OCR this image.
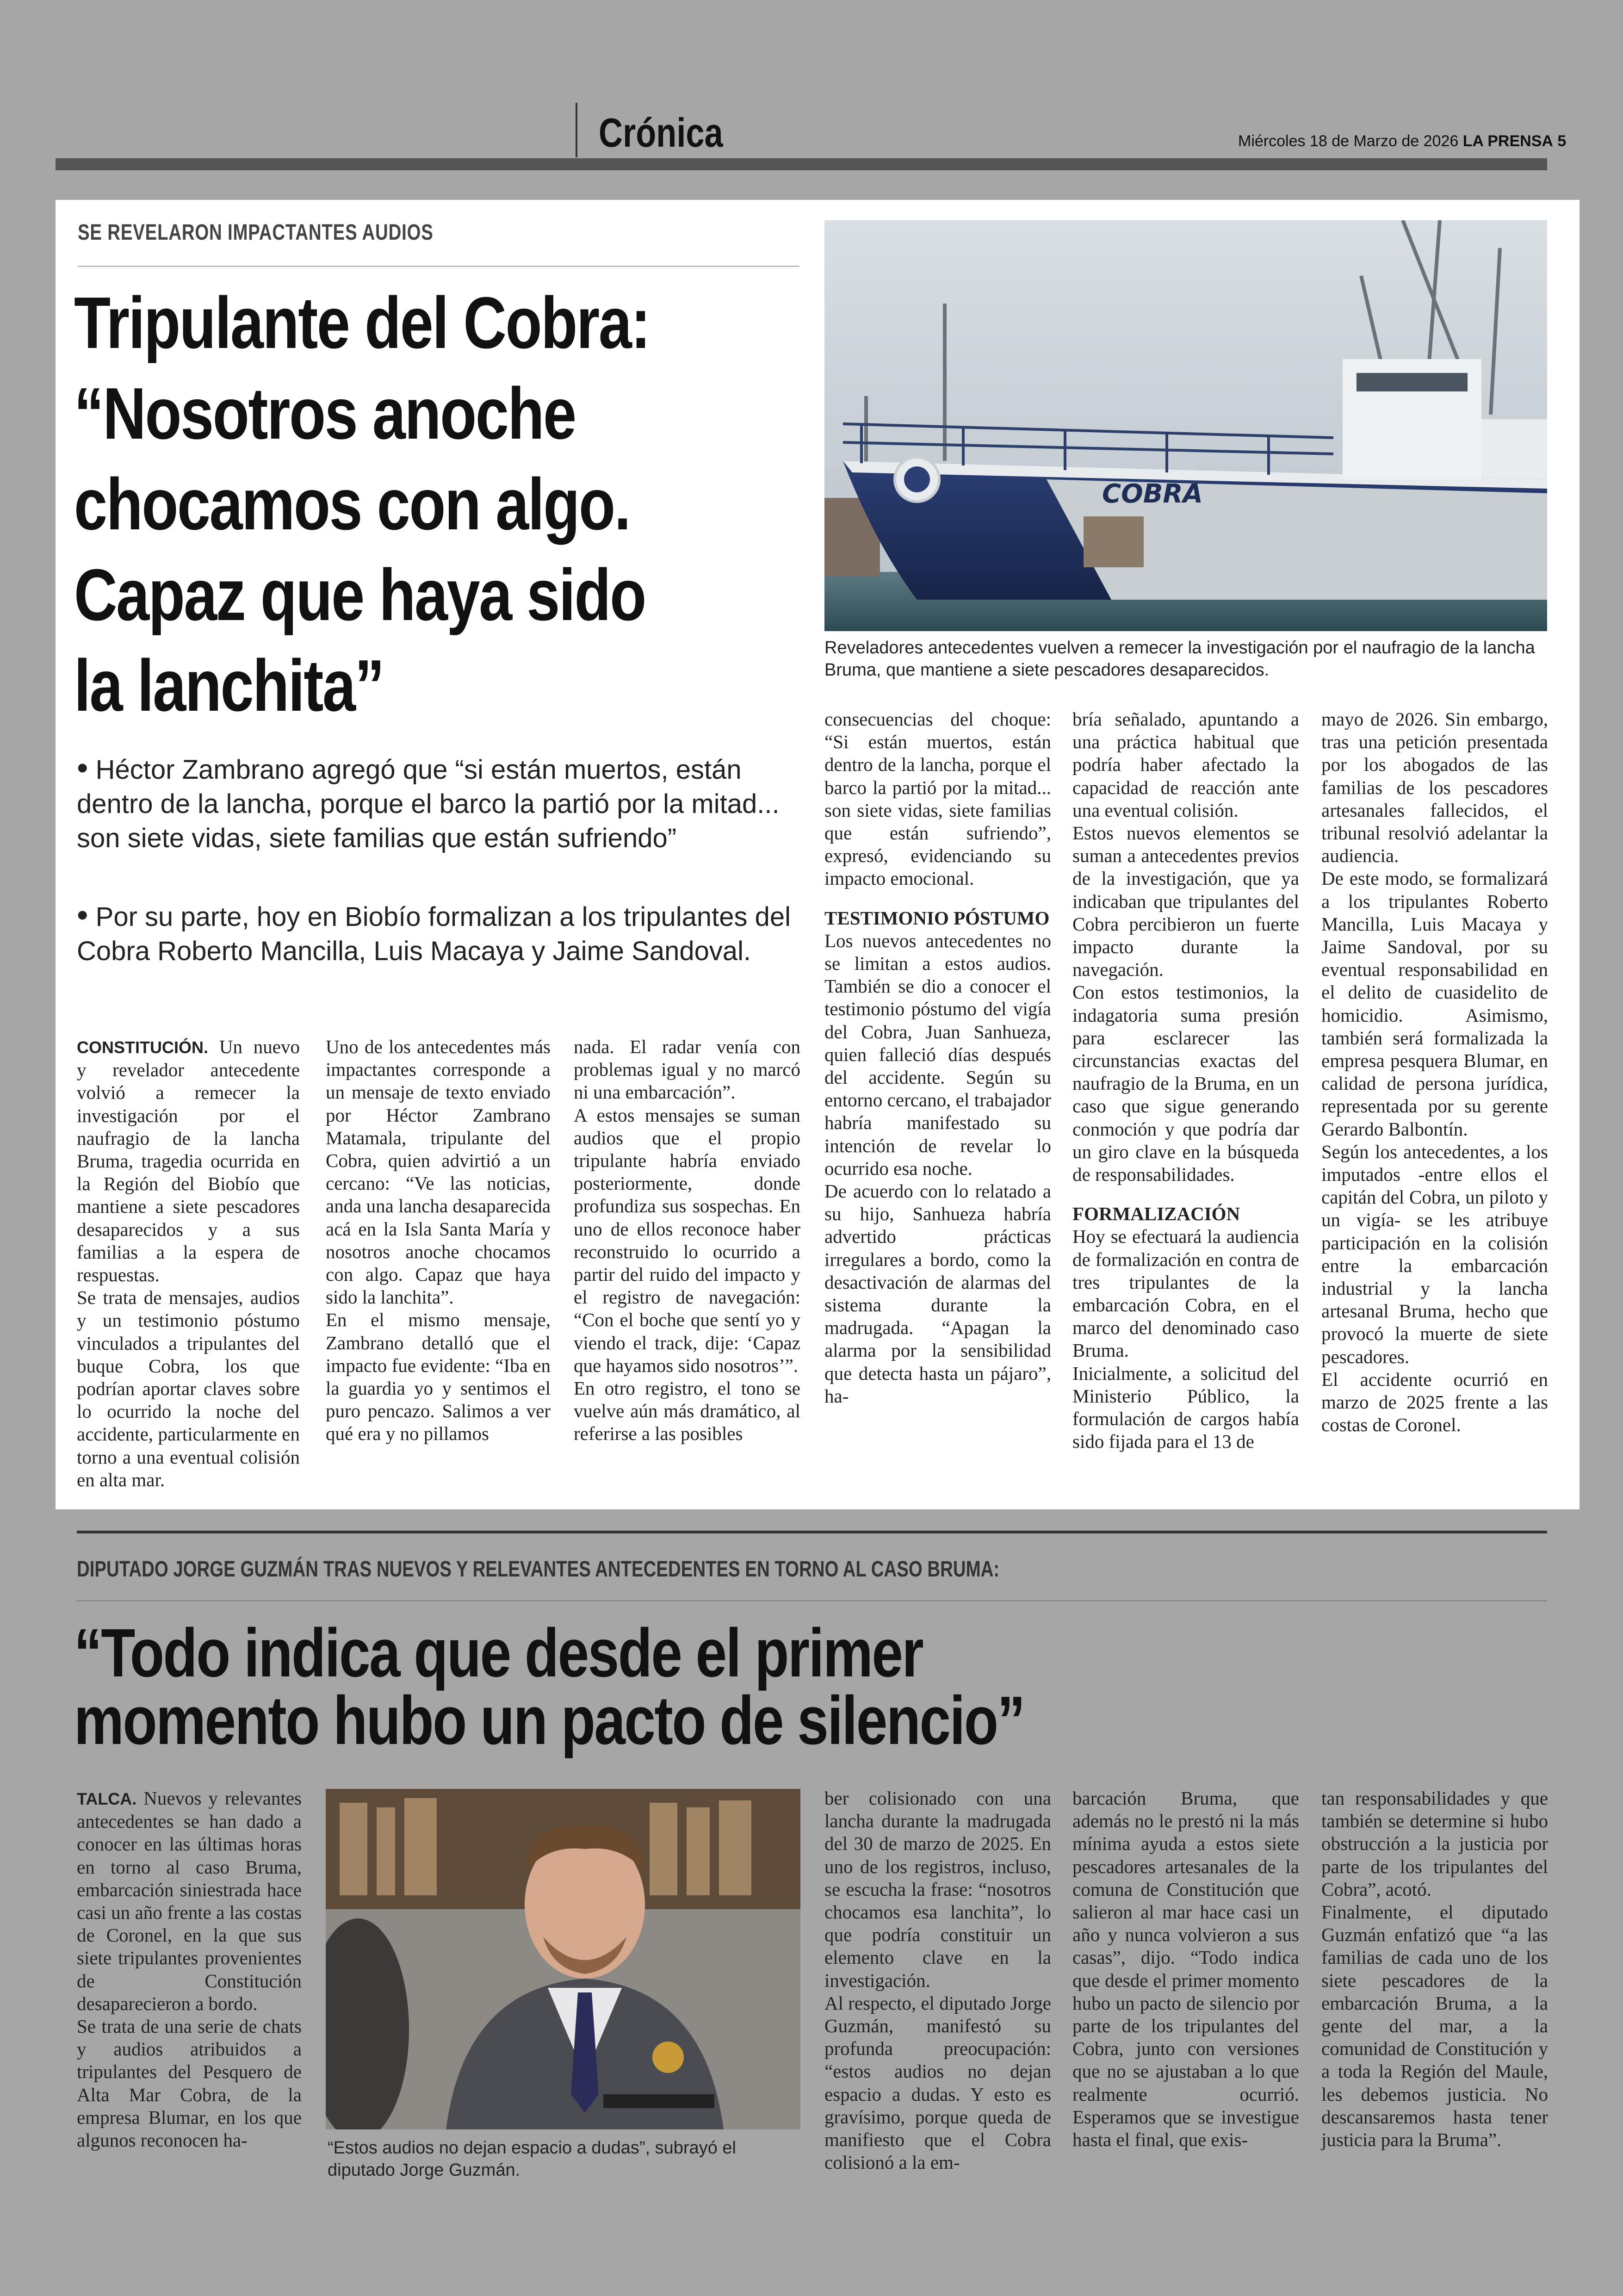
Crónica	Miércoles 18 de Marzo de 2026 LA PRENSA 5
SE REVELARON IMPACTANTES AUDIOS
Tripulante del Cobra:
“Nosotros anoche
chocamos con algo.
Capaz que haya sido
la lanchita”
• Héctor Zambrano agregó que “si están muertos, están dentro de la lancha, porque el barco la partió por la mitad... son siete vidas, siete familias que están sufriendo”
• Por su parte, hoy en Biobío formalizan a los tripulantes del Cobra Roberto Mancilla, Luis Macaya y Jaime Sandoval.
COBRA
Reveladores antecedentes vuelven a remecer la investigación por el naufragio de la lancha Bruma, que mantiene a siete pescadores desaparecidos.

CONSTITUCIÓN. Un nuevo y revelador antecedente volvió a remecer la investigación por el naufragio de la lancha Bruma, tragedia ocurrida en la Región del Biobío que mantiene a siete pescadores desaparecidos y a sus familias a la espera de respuestas.

Se trata de mensajes, audios y un testimonio póstumo vinculados a tripulantes del buque Cobra, los que podrían aportar claves sobre lo ocurrido la noche del accidente, particularmente en torno a una eventual colisión en alta mar.

Uno de los antecedentes más impactantes corresponde a un mensaje de texto enviado por Héctor Zambrano Matamala, tripulante del Cobra, quien advirtió a un cercano: “Ve las noticias, anda una lancha desaparecida acá en la Isla Santa María y nosotros anoche chocamos con algo. Capaz que haya sido la lanchita”.

En el mismo mensaje, Zambrano detalló que el impacto fue evidente: “Iba en la guardia yo y sentimos el puro pencazo. Salimos a ver qué era y no pillamos

nada. El radar venía con problemas igual y no marcó ni una embarcación”.

A estos mensajes se suman audios que el propio tripulante habría enviado posteriormente, donde profundiza sus sospechas. En uno de ellos reconoce haber reconstruido lo ocurrido a partir del ruido del impacto y el registro de navegación: “Con el boche que sentí yo y viendo el track, dije: ‘Capaz que hayamos sido nosotros’”.

En otro registro, el tono se vuelve aún más dramático, al referirse a las posibles

consecuencias del choque: “Si están muertos, están dentro de la lancha, porque el barco la partió por la mitad... son siete vidas, siete familias que están sufriendo”, expresó, evidenciando su impacto emocional.

TESTIMONIO PÓSTUMO

Los nuevos antecedentes no se limitan a estos audios. También se dio a conocer el testimonio póstumo del vigía del Cobra, Juan Sanhueza, quien falleció días después del accidente. Según su entorno cercano, el trabajador habría manifestado su intención de revelar lo ocurrido esa noche.

De acuerdo con lo relatado a su hijo, Sanhueza habría advertido prácticas irregulares a bordo, como la desactivación de alarmas del sistema durante la madrugada. “Apagan la alarma por la sensibilidad que detecta hasta un pájaro”, ha-

bría señalado, apuntando a una práctica habitual que podría haber afectado la capacidad de reacción ante una eventual colisión.

Estos nuevos elementos se suman a antecedentes previos de la investigación, que ya indicaban que tripulantes del Cobra percibieron un fuerte impacto durante la navegación.

Con estos testimonios, la indagatoria suma presión para esclarecer las circunstancias exactas del naufragio de la Bruma, en un caso que sigue generando conmoción y que podría dar un giro clave en la búsqueda de responsabilidades.

FORMALIZACIÓN

Hoy se efectuará la audiencia de formalización en contra de tres tripulantes de la embarcación Cobra, en el marco del denominado caso Bruma.

Inicialmente, a solicitud del Ministerio Público, la formulación de cargos había sido fijada para el 13 de

mayo de 2026. Sin embargo, tras una petición presentada por los abogados de las familias de los pescadores artesanales fallecidos, el tribunal resolvió adelantar la audiencia.

De este modo, se formalizará a los tripulantes Roberto Mancilla, Luis Macaya y Jaime Sandoval, por su eventual responsabilidad en el delito de cuasidelito de homicidio. Asimismo, también será formalizada la empresa pesquera Blumar, en calidad de persona jurídica, representada por su gerente Gerardo Balbontín.

Según los antecedentes, a los imputados -entre ellos el capitán del Cobra, un piloto y un vigía- se les atribuye participación en la colisión entre la embarcación industrial y la lancha artesanal Bruma, hecho que provocó la muerte de siete pescadores.

El accidente ocurrió en marzo de 2025 frente a las costas de Coronel.

DIPUTADO JORGE GUZMÁN TRAS NUEVOS Y RELEVANTES ANTECEDENTES EN TORNO AL CASO BRUMA:
“Todo indica que desde el primer
momento hubo un pacto de silencio”

TALCA. Nuevos y relevantes antecedentes se han dado a conocer en las últimas horas en torno al caso Bruma, embarcación siniestrada hace casi un año frente a las costas de Coronel, en la que sus siete tripulantes provenientes de Constitución desaparecieron a bordo.

Se trata de una serie de chats y audios atribuidos a tripulantes del Pesquero de Alta Mar Cobra, de la empresa Blumar, en los que algunos reconocen ha-	“Estos audios no dejan espacio a dudas”, subrayó el diputado Jorge Guzmán.

ber colisionado con una lancha durante la madrugada del 30 de marzo de 2025. En uno de los registros, incluso, se escucha la frase: “nosotros chocamos esa lanchita”, lo que podría constituir un elemento clave en la investigación.

Al respecto, el diputado Jorge Guzmán, manifestó su profunda preocupación: “estos audios no dejan espacio a dudas. Y esto es gravísimo, porque queda de manifiesto que el Cobra colisionó a la em-

barcación Bruma, que además no le prestó ni la más mínima ayuda a estos siete pescadores artesanales de la comuna de Constitución que salieron al mar hace casi un año y nunca volvieron a sus casas”, dijo. “Todo indica que desde el primer momento hubo un pacto de silencio por parte de los tripulantes del Cobra, junto con versiones que no se ajustaban a lo que realmente ocurrió. Esperamos que se investigue hasta el final, que exis-

tan responsabilidades y que también se determine si hubo obstrucción a la justicia por parte de los tripulantes del Cobra”, acotó.

Finalmente, el diputado Guzmán enfatizó que “a las familias de cada uno de los siete pescadores de la embarcación Bruma, a la gente del mar, a la comunidad de Constitución y a toda la Región del Maule, les debemos justicia. No descansaremos hasta tener justicia para la Bruma”.
